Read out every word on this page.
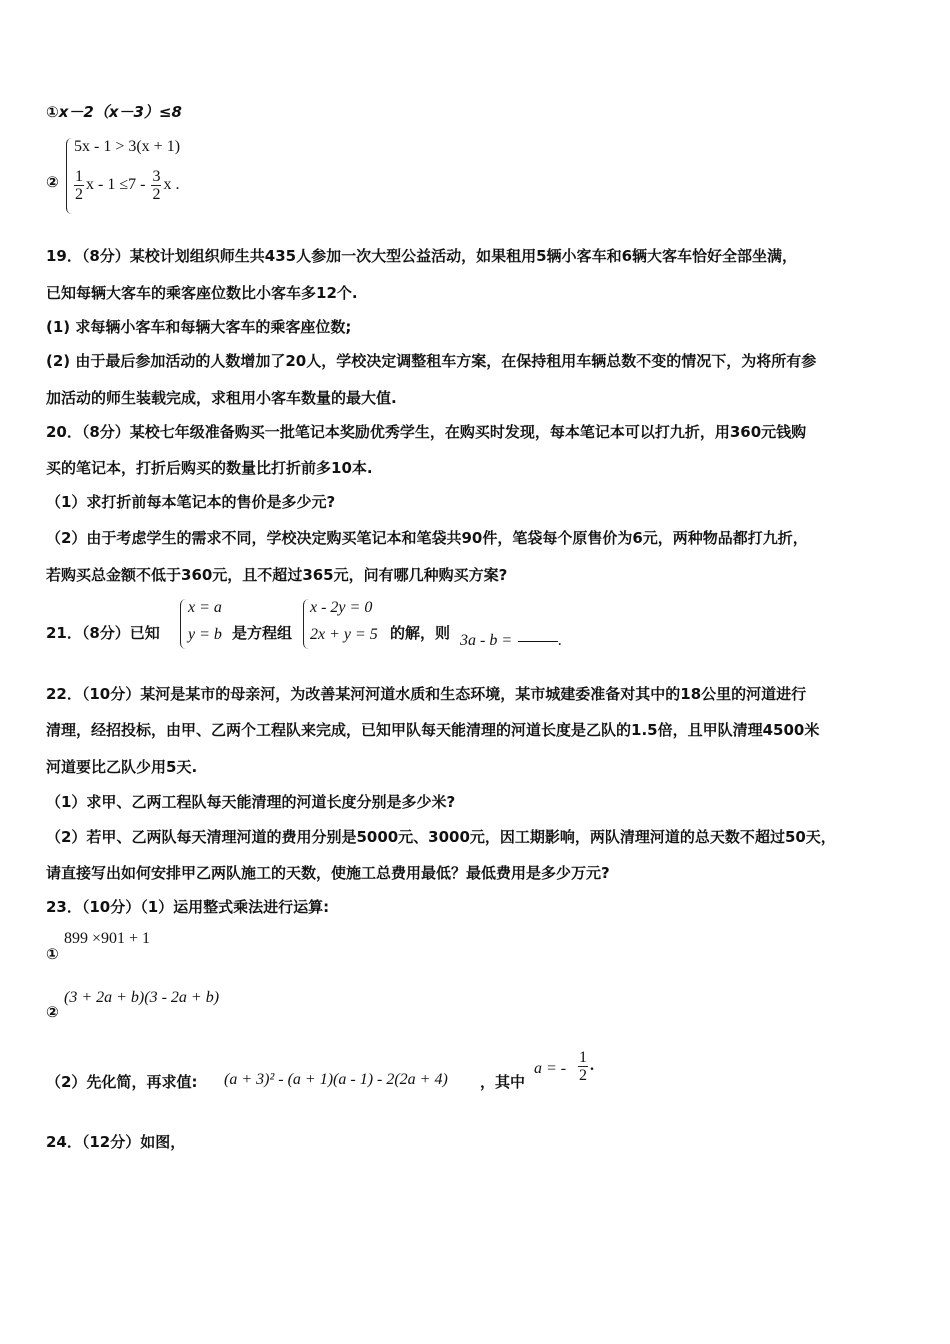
①x－2（x－3）≤8
②
5x - 1 > 3(x + 1)
$\frac{1}{2}$ $x - 1 \le 7 - \frac{3}{2}$ x .
19．（8分）某校计划组织师生共435人参加一次大型公益活动，如果租用5辆小客车和6辆大客车恰好全部坐满，
已知每辆大客车的乘客座位数比小客车多12个.
(1) 求每辆小客车和每辆大客车的乘客座位数;
(2) 由于最后参加活动的人数增加了20人，学校决定调整租车方案，在保持租用车辆总数不变的情况下，为将所有参
加活动的师生装载完成，求租用小客车数量的最大值.
20．（8分）某校七年级准备购买一批笔记本奖励优秀学生，在购买时发现，每本笔记本可以打九折，用360元钱购
买的笔记本，打折后购买的数量比打折前多10本.
（1）求打折前每本笔记本的售价是多少元?
（2）由于考虑学生的需求不同，学校决定购买笔记本和笔袋共90件，笔袋每个原售价为6元，两种物品都打九折，
若购买总金额不低于360元，且不超过365元，问有哪几种购买方案?
21．（8分）已知
x = a
y = b 是方程组
x - 2y = 0
2x + y = 5 的解，则 3a - b =	.
22．（10分）某河是某市的母亲河，为改善某河河道水质和生态环境，某市城建委准备对其中的18公里的河道进行
清理，经招投标，由甲、乙两个工程队来完成，已知甲队每天能清理的河道长度是乙队的1.5倍，且甲队清理4500米
河道要比乙队少用5天.
（1）求甲、乙两工程队每天能清理的河道长度分别是多少米?
（2）若甲、乙两队每天清理河道的费用分别是5000元、3000元，因工期影响，两队清理河道的总天数不超过50天，
请直接写出如何安排甲乙两队施工的天数，使施工总费用最低？最低费用是多少万元?
23．（10分）（1）运用整式乘法进行运算:
①
899 ×901 + 1
②
(3 + 2a + b)(3 - 2a + b)
（2）先化简，再求值: (a + 3)² - (a + 1)(a - 1) - 2(2a + 4) ，其中
a = - $\frac{1}{2}$ .
24．（12分）如图，
